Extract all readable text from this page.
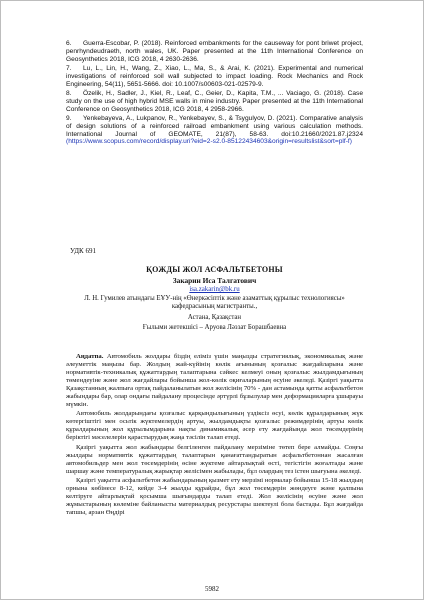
6. Guerra-Escobar, P. (2018). Reinforced embankments for the causeway for pont briwet project, penrhyndeudraeth, north wales, UK. Paper presented at the 11th International Conference on Geosynthetics 2018, ICG 2018, 4 2630-2636.
7. Lu, L., Lin, H., Wang, Z., Xiao, L., Ma, S., & Arai, K. (2021). Experimental and numerical investigations of reinforced soil wall subjected to impact loading. Rock Mechanics and Rock Engineering, 54(11), 5651-5666. doi: 10.1007/s00603-021-02579-9.
8. Özelik, H., Sadler, J., Kiel, R., Leaf, C., Geier, D., Kapita, T.M., ... Vaciago, G. (2018). Case study on the use of high hybrid MSE walls in mine industry. Paper presented at the 11th International Conference on Geosynthetics 2018, ICG 2018, 4 2958-2966.
9. Yenkebayeva, A., Lukpanov, R., Yenkebayev, S., & Tsygulyov, D. (2021). Comparative analysis of design solutions of a reinforced railroad embankment using various calculation methods. International Journal of GEOMATE, 21(87), 58-63. doi:10.21660/2021.87.j2324 (https://www.scopus.com/record/display.uri?eid=2-s2.0-85122434603&origin=resultslist&sort=plf-f)
УДК 691
ҚОЖДЫ ЖОЛ АСФАЛЬТБЕТОНЫ
Закарин Иса Талгатович
isa.zakarin@bk.ru
Л. Н. Гумилев атындағы ЕҰУ-нің «Өнеркәсіптік және азаматтық құрылыс технологиясы» кафедрасының магистранты.,
Астана, Қазақстан
Ғылыми жетекшісі – Аруова Ләззат Борашбаевна

Аңдатпа. Автомобиль жолдары біздің еліміз үшін маңызды стратегиялық, экономикалық және әлеуметтік маңызы бар. Жолдың жай-күйінің көлік ағынының қозғалыс жағдайларына және нормативтік-техникалық құжаттардың талаптарына сәйкес келмеуі оның қозғалыс жылдамдығының төмендеуіне және жол жағдайлары бойынша жол-көлік оқиғаларының өсуіне әкеледі. Қазіргі уақытта Қазақстанның жалпыға ортақ пайдаланылатын жол желісінің 70% - дан астамында қатты асфальтбетон жабындары бар, олар ондағы пайдалану процесінде әртүрлі бұзылулар мен деформацияларға ұшырауы мүмкін.

Автомобиль жолдарындағы қозғалыс қарқындылығының үздіксіз өсуі, көлік құралдарының жүк көтергіштігі мен осьтік жүктемелердің артуы, жылдамдықты қозғалыс режимдерінің артуы көлік құралдарының жол құрылымдарына нақты динамикалық әсер ету жағдайында жол төсемдерінің беріктігі мәселелерін қарастырудың жаңа тәсілін талап етеді.

Қазіргі уақытта жол жабындары белгіленген пайдалану мерзіміне төтеп бере алмайды. Соңғы жылдары нормативтік құжаттардың талаптарын қанағаттандыратын асфальтбетоннан жасалған автомобильдер мен жол төсемдерінің өсіне жүктеме айтарлықтай өсті, тегістігін жоғалтады және шаршау және температуралық жарықтар желісімен жабылады, бұл олардың тез істен шығуына әкеледі.

Қазіргі уақытта асфальтбетон жабындарының қызмет ету мерзімі нормалар бойынша 15-18 жылдың орнына көбінесе 8-12, кейде 3-4 жылды құрайды, бұл жол төсемдерін жөндеуге және қалпына келтіруге айтарлықтай қосымша шығындарды талап етеді. Жол желісінің өсуіне және жол жұмыстарының көлеміне байланысты материалдық ресурстары шектеулі бола бастады. Бұл жағдайда тапшы, арзан Өңдірі

5982
